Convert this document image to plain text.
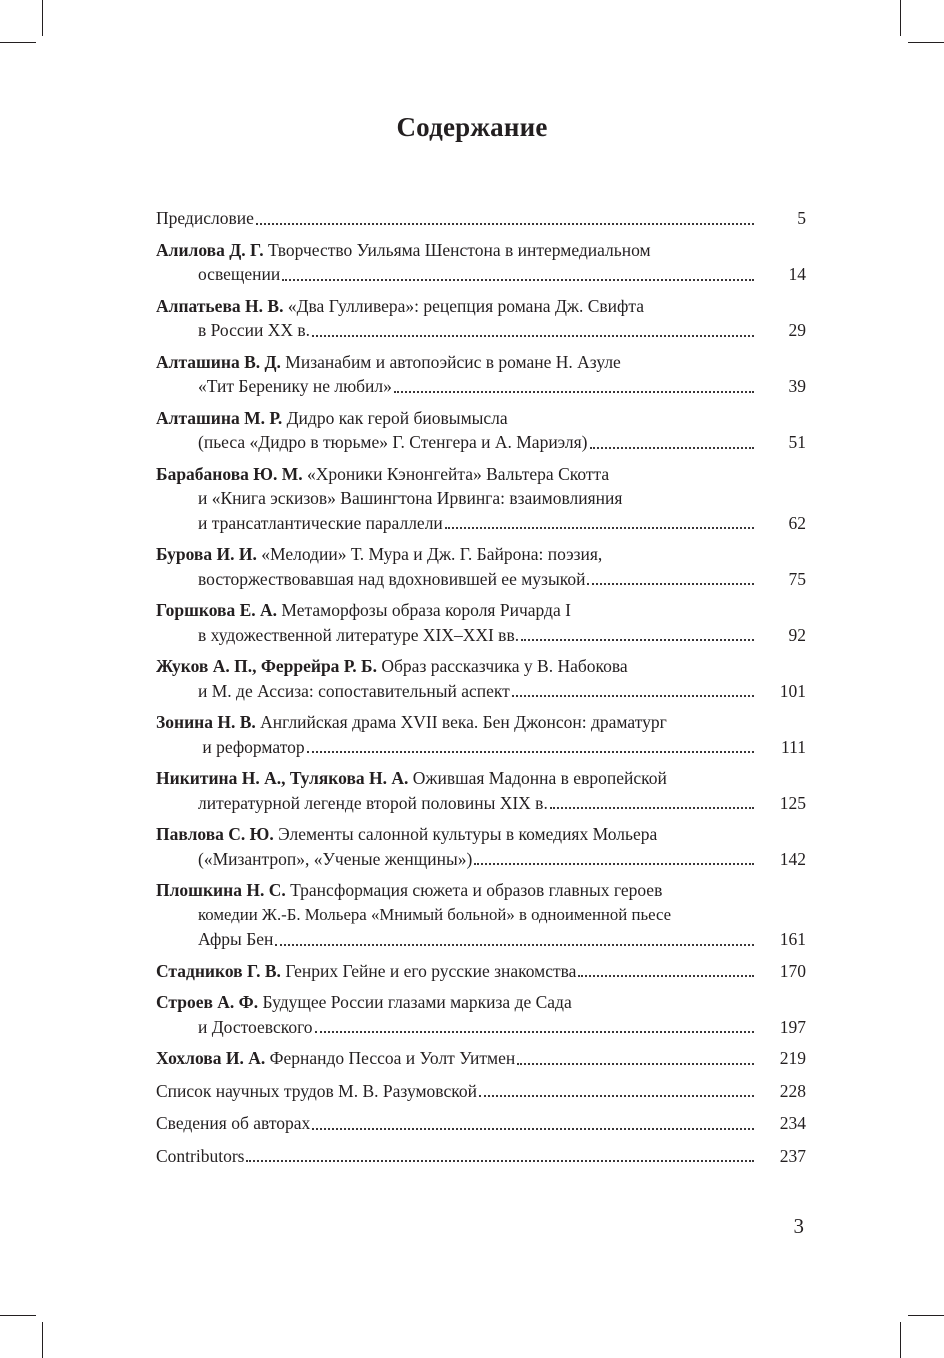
Содержание
Предисловие	5
Алилова Д. Г.
Творчество Уильяма Шенстона в интермедиальном
освещении	14
Алпатьева Н. В.
«Два Гулливера»: рецепция романа Дж. Свифта
в России XX в.	29
Алташина В. Д.
Мизанабим и автопоэйсис в романе Н. Азуле
«Тит Беренику не любил»	39
Алташина М. Р.
Дидро как герой биовымысла
(пьеса «Дидро в тюрьме» Г. Стенгера и А. Мариэля)	51
Барабанова Ю. М.
«Хроники Кэнонгейта» Вальтера Скотта
и «Книга эскизов» Вашингтона Ирвинга: взаимовлияния
и трансатлантические параллели	62
Бурова И. И.
«Мелодии» Т. Мура и Дж. Г. Байрона: поэзия,
восторжествовавшая над вдохновившей ее музыкой	75
Горшкова Е. А.
Метаморфозы образа короля Ричарда I
в художественной литературе XIX–XXI вв.	92
Жуков А. П., Феррейра Р. Б.
Образ рассказчика у В. Набокова
и М. де Ассиза: сопоставительный аспект	101
Зонина Н. В.
Английская драма XVII века. Бен Джонсон: драматург
и реформатор	111
Никитина Н. А., Тулякова Н. А.
Ожившая Мадонна в европейской
литературной легенде второй половины XIX в.	125
Павлова С. Ю.
Элементы салонной культуры в комедиях Мольера
(«Мизантроп», «Ученые женщины»)	142
Плошкина Н. С.
Трансформация сюжета и образов главных героев
комедии Ж.-Б. Мольера «Мнимый больной» в одноименной пьесе
Афры Бен	161
Стадников Г. В.
Генрих Гейне и его русские знакомства	170
Строев А. Ф.
Будущее России глазами маркиза де Сада
и Достоевского	197
Хохлова И. А.
Фернандо Пессоа и Уолт Уитмен	219
Список научных трудов М. В. Разумовской	228
Сведения об авторах	234
Contributors	237
3
